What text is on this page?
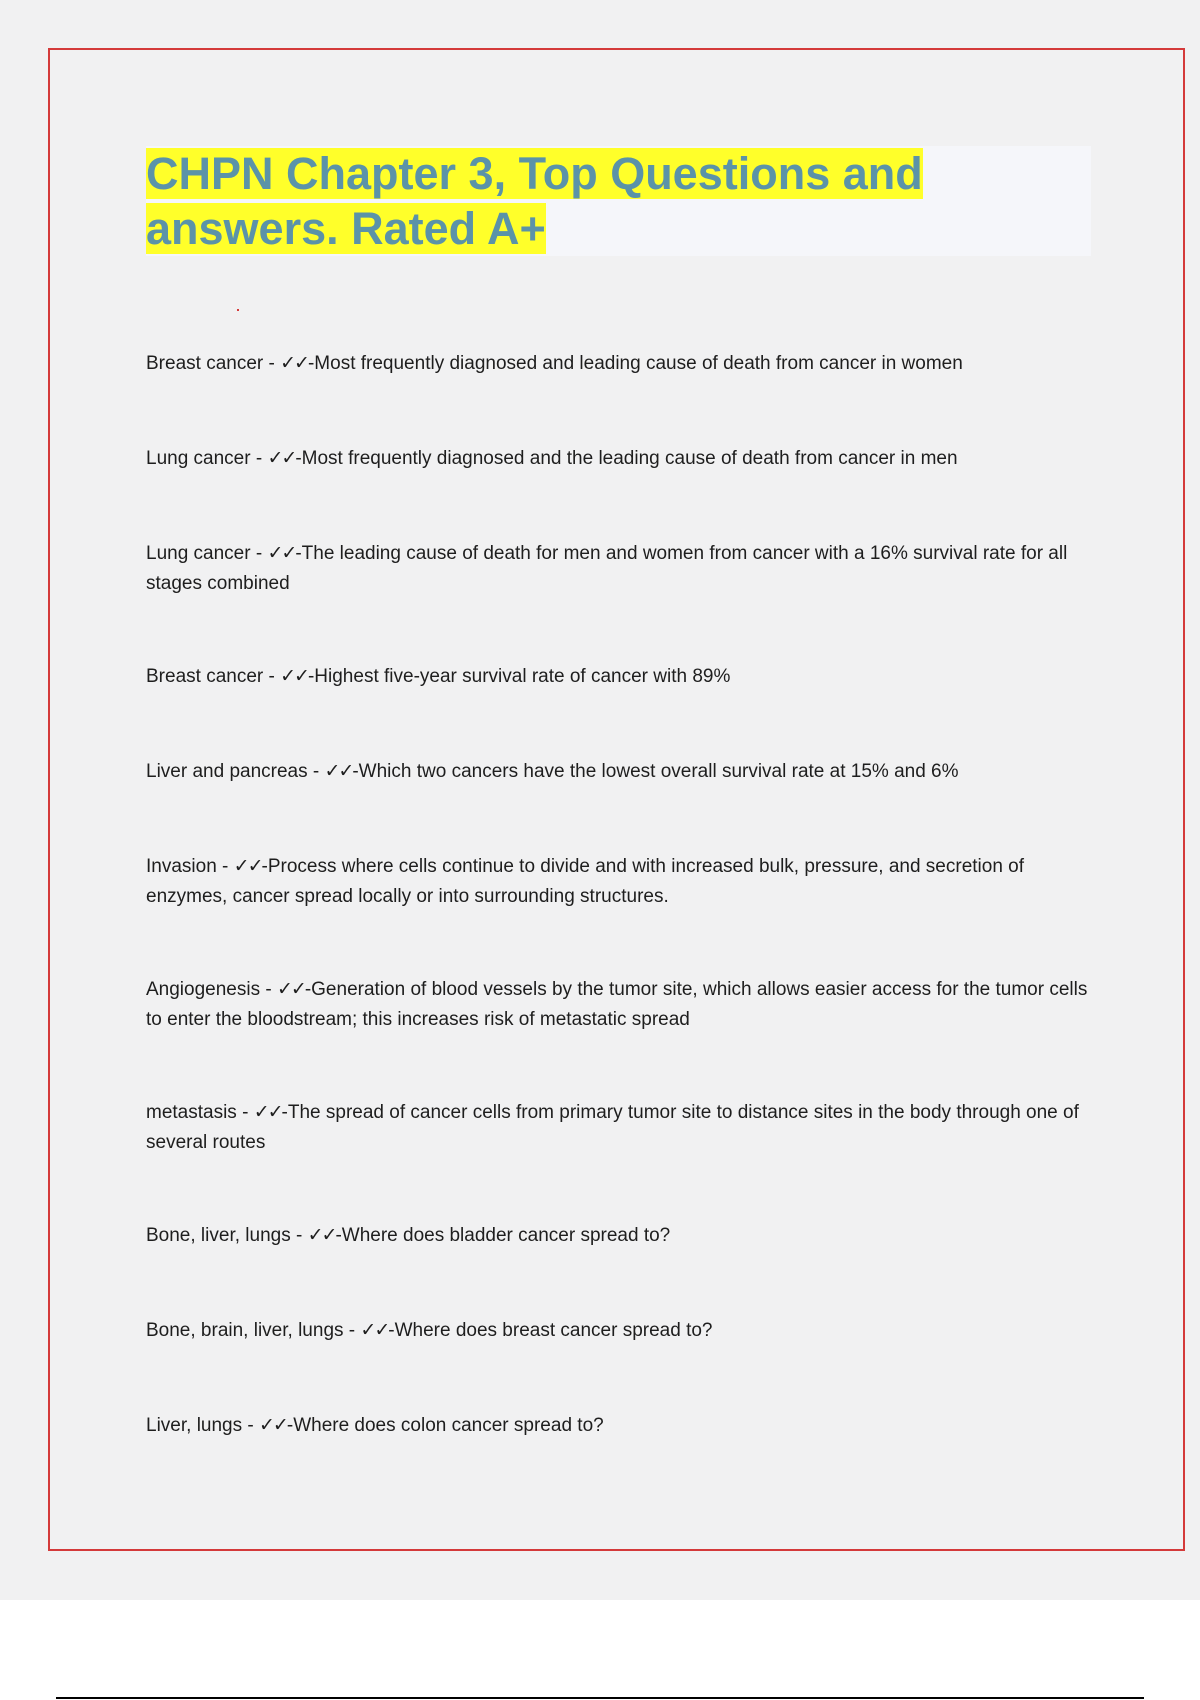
CHPN Chapter 3, Top Questions and
answers. Rated A+
Breast cancer - ✓✓-Most frequently diagnosed and leading cause of death from cancer in women
Lung cancer - ✓✓-Most frequently diagnosed and the leading cause of death from cancer in men
Lung cancer - ✓✓-The leading cause of death for men and women from cancer with a 16% survival rate for all stages combined
Breast cancer - ✓✓-Highest five-year survival rate of cancer with 89%
Liver and pancreas - ✓✓-Which two cancers have the lowest overall survival rate at 15% and 6%
Invasion - ✓✓-Process where cells continue to divide and with increased bulk, pressure, and secretion of enzymes, cancer spread locally or into surrounding structures.
Angiogenesis - ✓✓-Generation of blood vessels by the tumor site, which allows easier access for the tumor cells to enter the bloodstream; this increases risk of metastatic spread
metastasis - ✓✓-The spread of cancer cells from primary tumor site to distance sites in the body through one of several routes
Bone, liver, lungs - ✓✓-Where does bladder cancer spread to?
Bone, brain, liver, lungs - ✓✓-Where does breast cancer spread to?
Liver, lungs - ✓✓-Where does colon cancer spread to?
